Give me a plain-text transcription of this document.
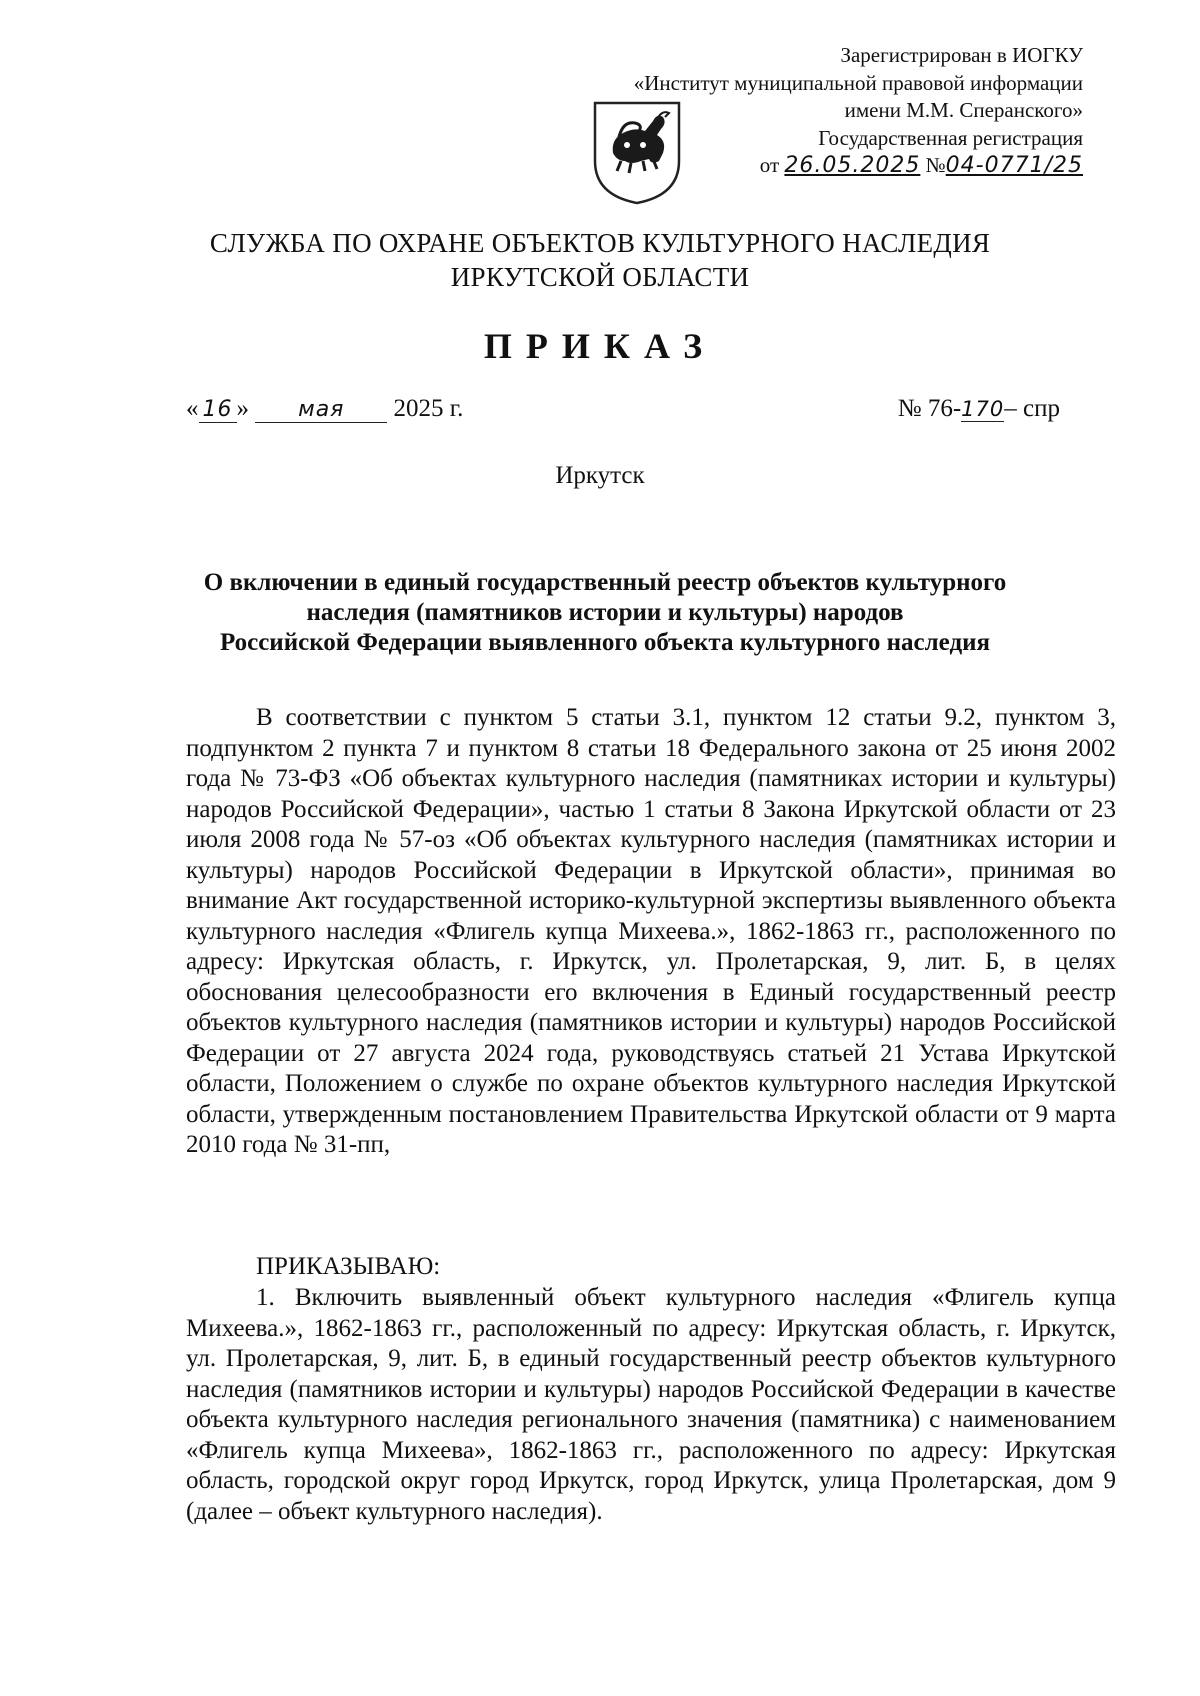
Зарегистрирован в ИОГКУ
«Институт муниципальной правовой информации
имени М.М. Сперанского»
Государственная регистрация
от 26.05.2025 №04-0771/25
СЛУЖБА ПО ОХРАНЕ ОБЪЕКТОВ КУЛЬТУРНОГО НАСЛЕДИЯ
ИРКУТСКОЙ ОБЛАСТИ
ПРИКАЗ
« 16 » мая 2025 г.	№ 76-170– спр
Иркутск
О включении в единый государственный реестр объектов культурного
наследия (памятников истории и культуры) народов
Российской Федерации выявленного объекта культурного наследия
В соответствии с пунктом 5 статьи 3.1, пунктом 12 статьи 9.2, пунктом 3, подпунктом 2 пункта 7 и пунктом 8 статьи 18 Федерального закона от 25 июня 2002 года № 73-ФЗ «Об объектах культурного наследия (памятниках истории и культуры) народов Российской Федерации», частью 1 статьи 8 Закона Иркутской области от 23 июля 2008 года № 57-оз «Об объектах культурного наследия (памятниках истории и культуры) народов Российской Федерации в Иркутской области», принимая во внимание Акт государственной историко-культурной экспертизы выявленного объекта культурного наследия «Флигель купца Михеева.», 1862-1863 гг., расположенного по адресу: Иркутская область, г. Иркутск, ул. Пролетарская, 9, лит. Б, в целях обоснования целесообразности его включения в Единый государственный реестр объектов культурного наследия (памятников истории и культуры) народов Российской Федерации от 27 августа 2024 года, руководствуясь статьей 21 Устава Иркутской области, Положением о службе по охране объектов культурного наследия Иркутской области, утвержденным постановлением Правительства Иркутской области от 9 марта 2010 года № 31-пп,
ПРИКАЗЫВАЮ:
1. Включить выявленный объект культурного наследия «Флигель купца Михеева.», 1862-1863 гг., расположенный по адресу: Иркутская область, г. Иркутск, ул. Пролетарская, 9, лит. Б, в единый государственный реестр объектов культурного наследия (памятников истории и культуры) народов Российской Федерации в качестве объекта культурного наследия регионального значения (памятника) с наименованием «Флигель купца Михеева», 1862-1863 гг., расположенного по адресу: Иркутская область, городской округ город Иркутск, город Иркутск, улица Пролетарская, дом 9 (далее – объект культурного наследия).
